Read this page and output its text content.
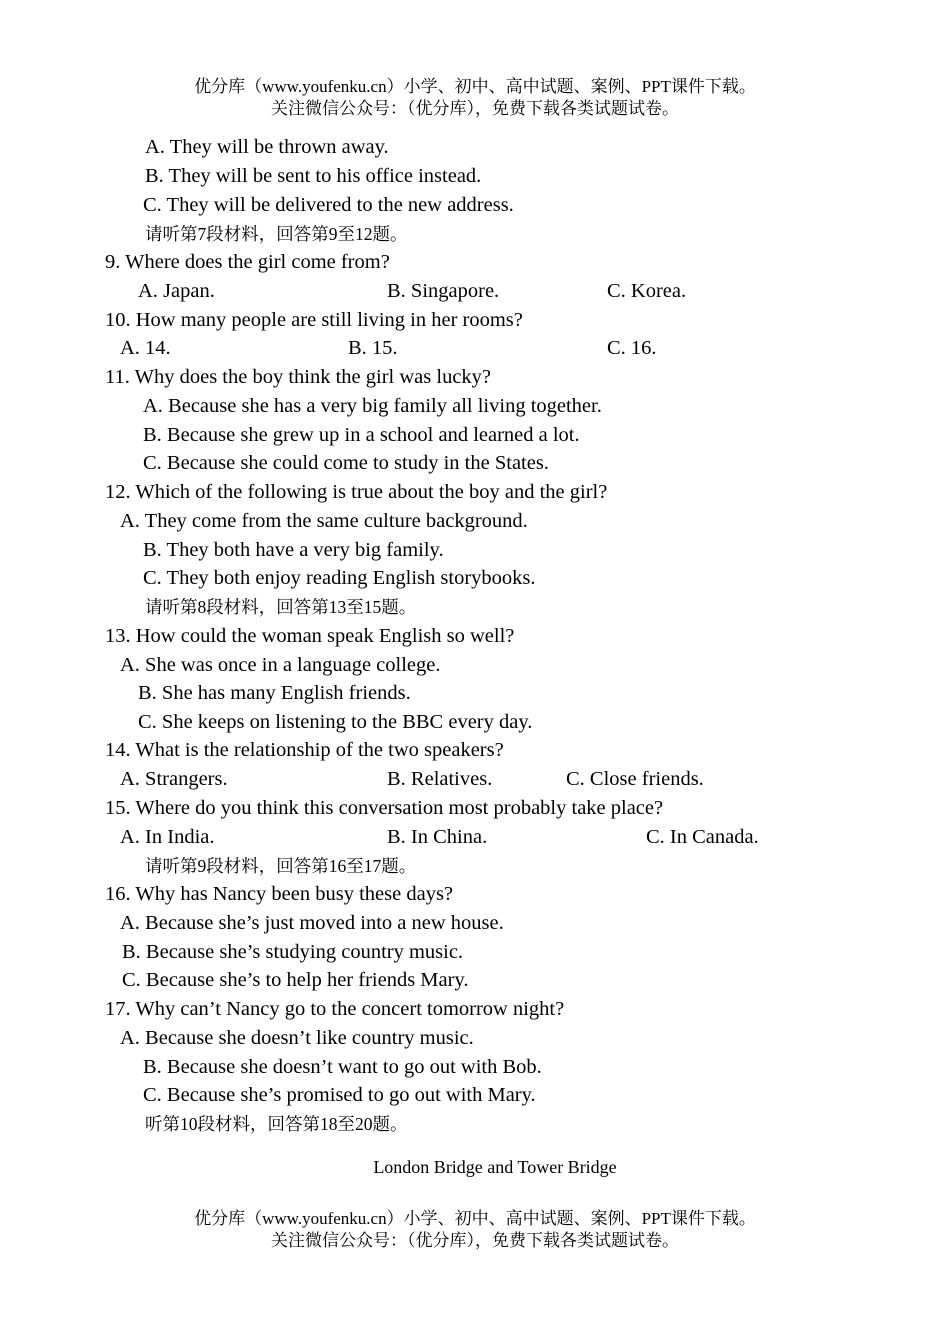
优分库（www.youfenku.cn）小学、初中、高中试题、案例、PPT课件下载。
关注微信公众号：（优分库），免费下载各类试题试卷。
A. They will be thrown away.
B. They will be sent to his office instead.
C. They will be delivered to the new address.
请听第7段材料，回答第9至12题。
9. Where does the girl come from?
A. Japan.	B. Singapore.	C. Korea.
10. How many people are still living in her rooms?
A. 14.	B. 15.	C. 16.
11. Why does the boy think the girl was lucky?
A. Because she has a very big family all living together.
B. Because she grew up in a school and learned a lot.
C. Because she could come to study in the States.
12. Which of the following is true about the boy and the girl?
A. They come from the same culture background.
B. They both have a very big family.
C. They both enjoy reading English storybooks.
请听第8段材料，回答第13至15题。
13. How could the woman speak English so well?
A. She was once in a language college.
B. She has many English friends.
C. She keeps on listening to the BBC every day.
14. What is the relationship of the two speakers?
A. Strangers.	B. Relatives.	C. Close friends.
15. Where do you think this conversation most probably take place?
A. In India.	B. In China.	C. In Canada.
请听第9段材料，回答第16至17题。
16. Why has Nancy been busy these days?
A. Because she’s just moved into a new house.
B. Because she’s studying country music.
C. Because she’s to help her friends Mary.
17. Why can’t Nancy go to the concert tomorrow night?
A. Because she doesn’t like country music.
B. Because she doesn’t want to go out with Bob.
C. Because she’s promised to go out with Mary.
听第10段材料，回答第18至20题。
London Bridge and Tower Bridge
优分库（www.youfenku.cn）小学、初中、高中试题、案例、PPT课件下载。
关注微信公众号：（优分库），免费下载各类试题试卷。
